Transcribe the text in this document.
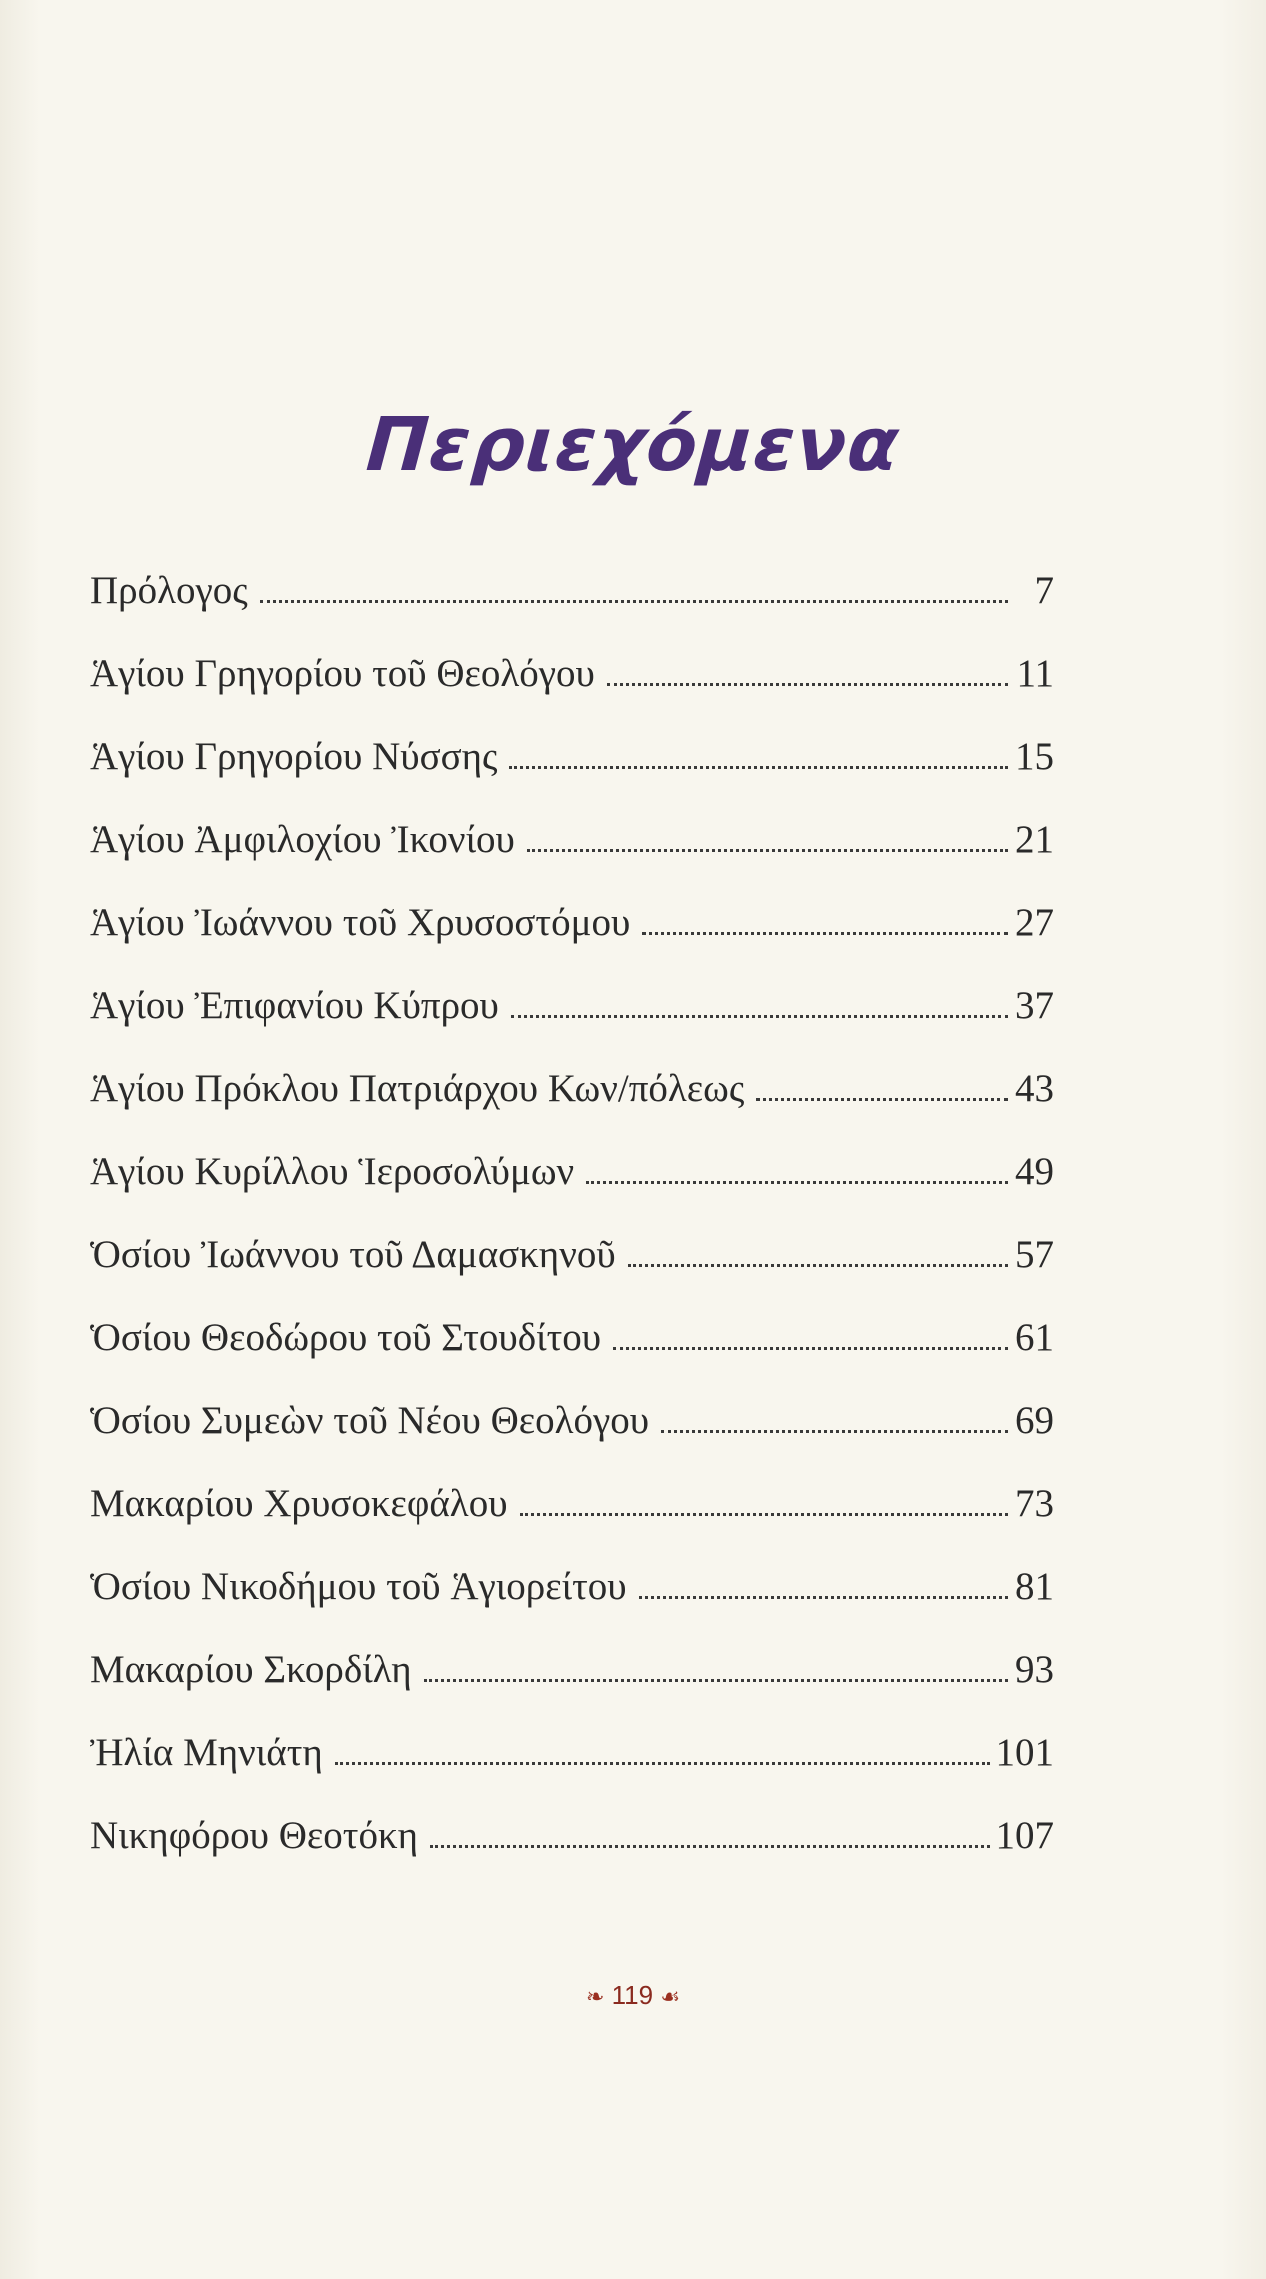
Περιεχόμενα
Πρόλογος	7
Ἁγίου Γρηγορίου τοῦ Θεολόγου	11
Ἁγίου Γρηγορίου Νύσσης	15
Ἁγίου Ἀμφιλοχίου Ἰκονίου	21
Ἁγίου Ἰωάννου τοῦ Χρυσοστόμου	27
Ἁγίου Ἐπιφανίου Κύπρου	37
Ἁγίου Πρόκλου Πατριάρχου Κων/πόλεως	43
Ἁγίου Κυρίλλου Ἱεροσολύμων	49
Ὁσίου Ἰωάννου τοῦ Δαμασκηνοῦ	57
Ὁσίου Θεοδώρου τοῦ Στουδίτου	61
Ὁσίου Συμεὼν τοῦ Νέου Θεολόγου	69
Μακαρίου Χρυσοκεφάλου	73
Ὁσίου Νικοδήμου τοῦ Ἁγιορείτου	81
Μακαρίου Σκορδίλη	93
Ἠλία Μηνιάτη	101
Νικηφόρου Θεοτόκη	107
❧ 119 ☙
